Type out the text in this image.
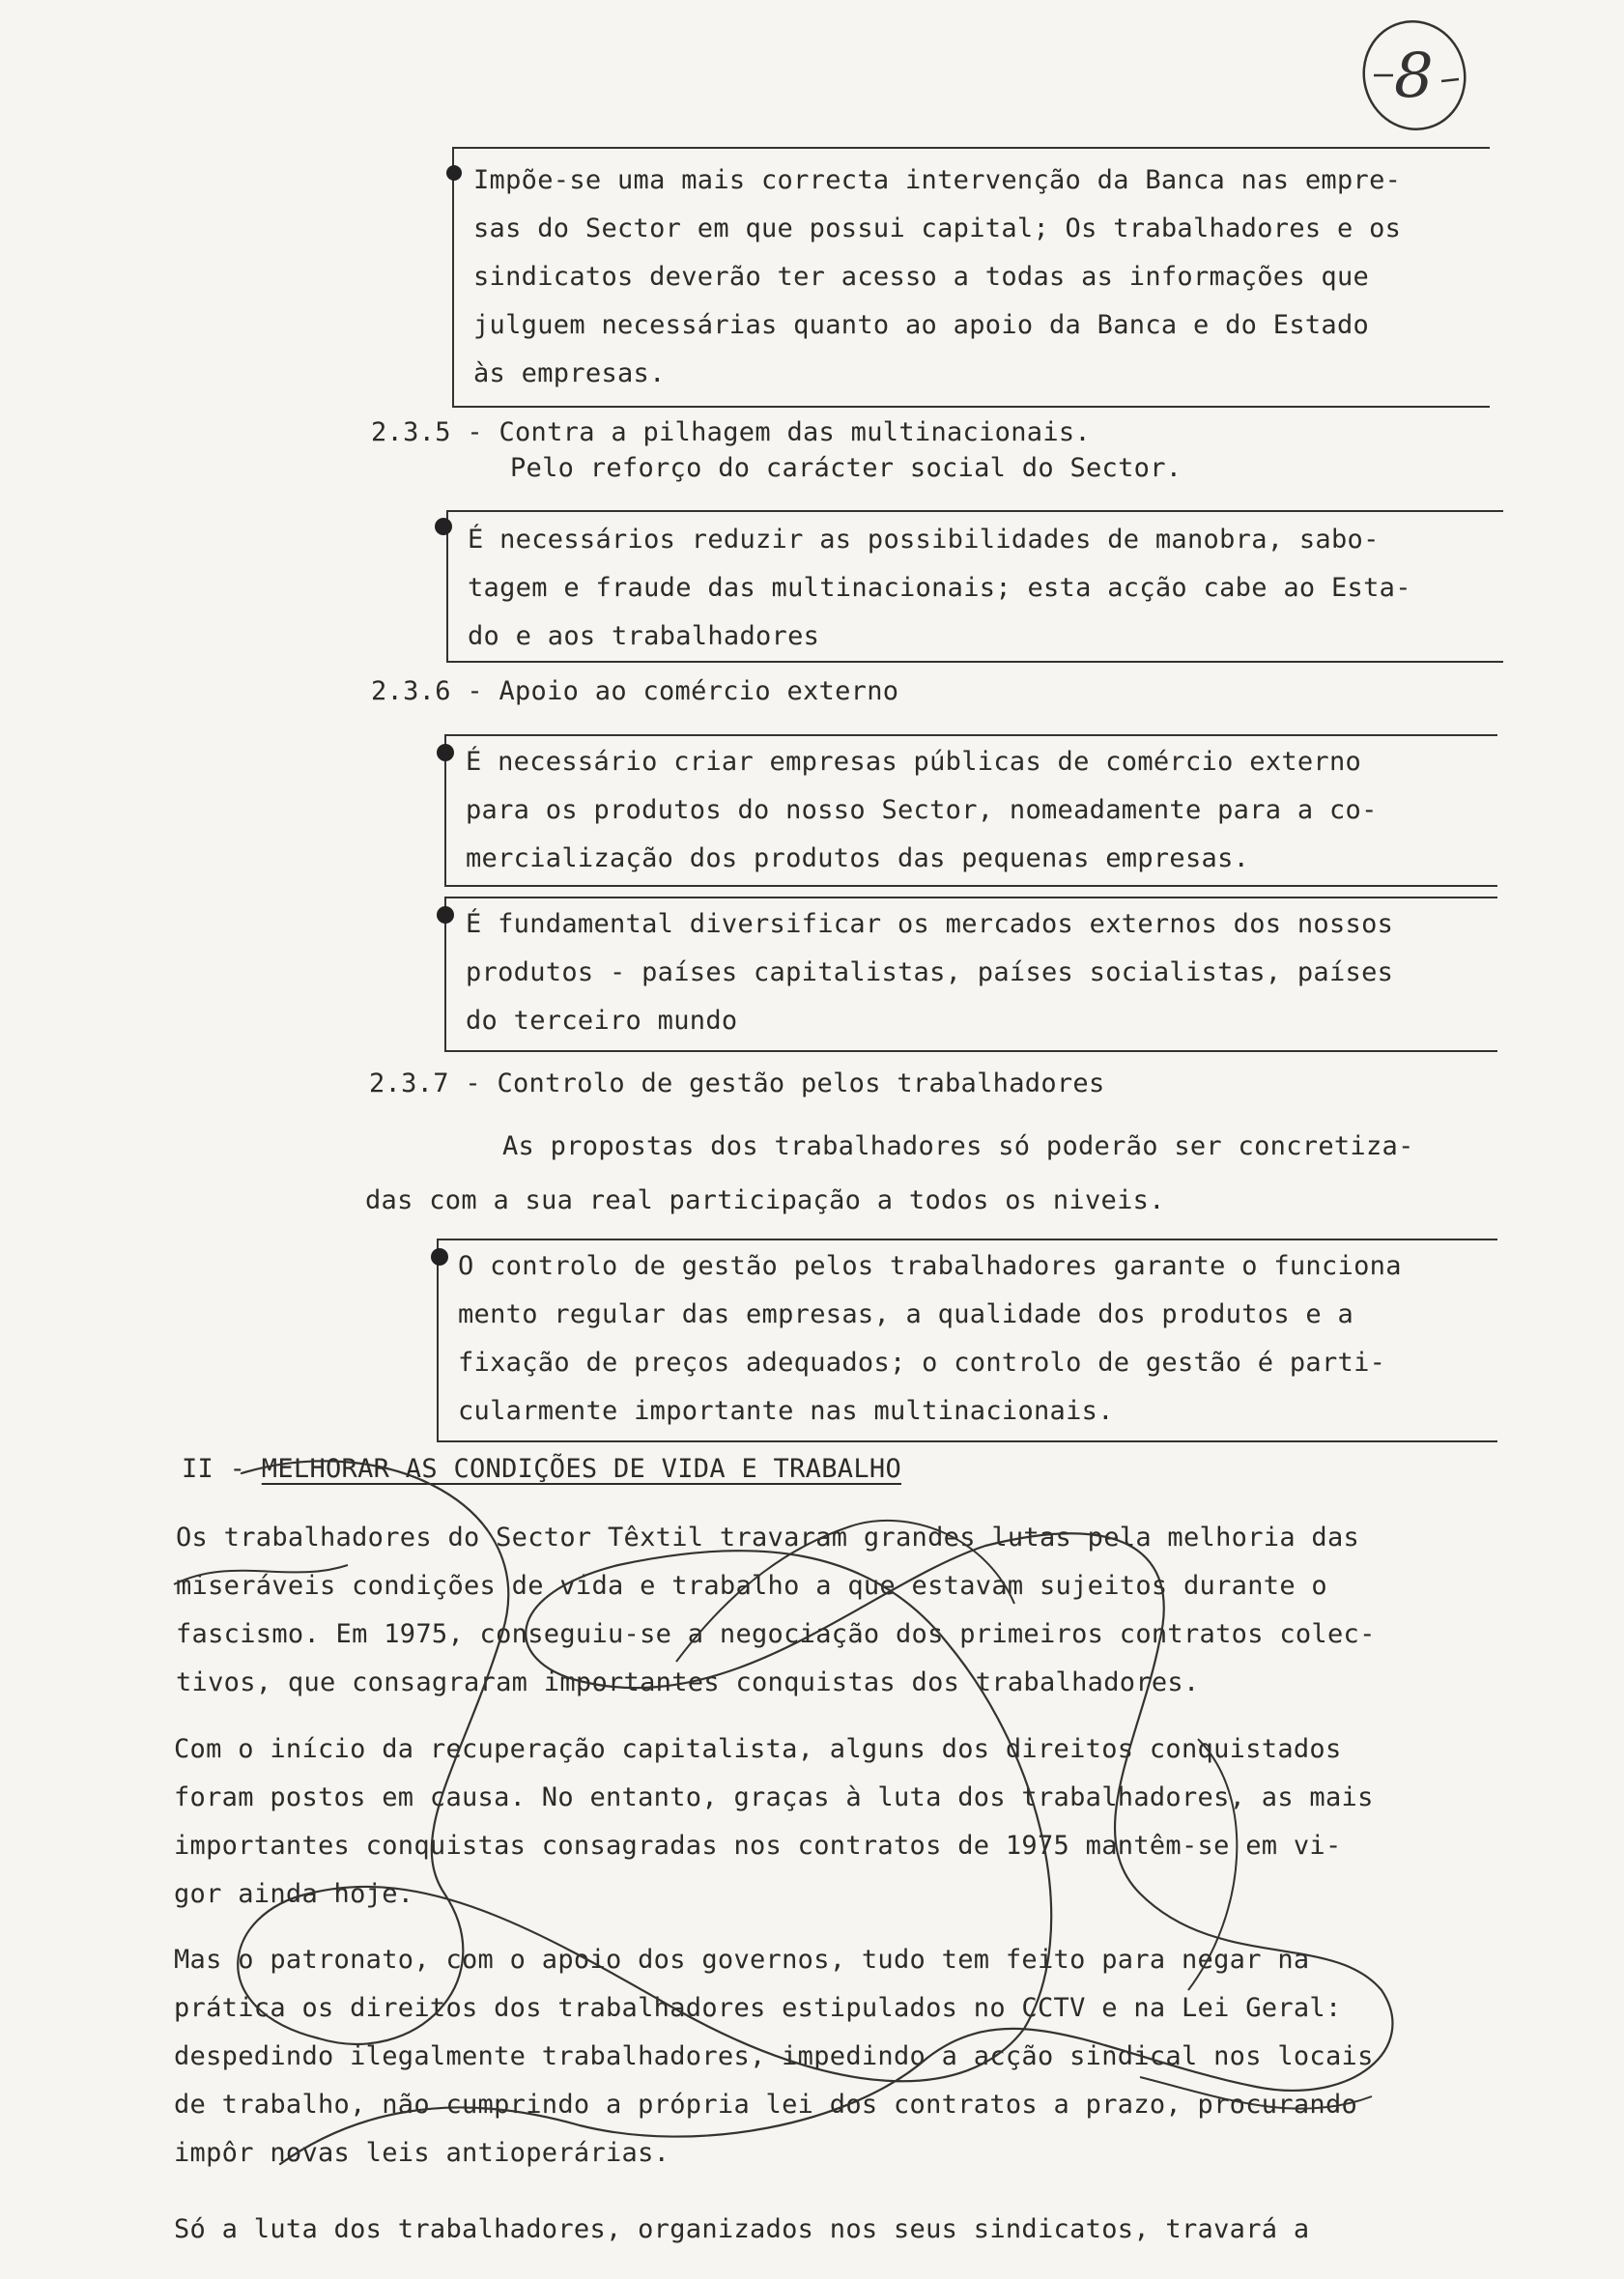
8
Impõe-se uma mais correcta intervenção da Banca nas empre-
sas do Sector em que possui capital; Os trabalhadores e os
sindicatos deverão ter acesso a todas as informações que
julguem necessárias quanto ao apoio da Banca e do Estado
às empresas.
2.3.5 - Contra a pilhagem das multinacionais.
Pelo reforço do carácter social do Sector.
É necessários reduzir as possibilidades de manobra, sabo-
tagem e fraude das multinacionais; esta acção cabe ao Esta-
do e aos trabalhadores
2.3.6 - Apoio ao comércio externo
É necessário criar empresas públicas de comércio externo
para os produtos do nosso Sector, nomeadamente para a co-
mercialização dos produtos das pequenas empresas.
É fundamental diversificar os mercados externos dos nossos
produtos - países capitalistas, países socialistas, países
do terceiro mundo
2.3.7 - Controlo de gestão pelos trabalhadores
As propostas dos trabalhadores só poderão ser concretiza-
das com a sua real participação a todos os niveis.
O controlo de gestão pelos trabalhadores garante o funciona
mento regular das empresas, a qualidade dos produtos e a
fixação de preços adequados; o controlo de gestão é parti-
cularmente importante nas multinacionais.
II - MELHORAR AS CONDIÇÕES DE VIDA E TRABALHO
Os trabalhadores do Sector Têxtil travaram grandes lutas pela melhoria das
miseráveis condições de vida e trabalho a que estavam sujeitos durante o
fascismo. Em 1975, conseguiu-se a negociação dos primeiros contratos colec-
tivos, que consagraram importantes conquistas dos trabalhadores.
Com o início da recuperação capitalista, alguns dos direitos conquistados
foram postos em causa. No entanto, graças à luta dos trabalhadores, as mais
importantes conquistas consagradas nos contratos de 1975 mantêm-se em vi-
gor ainda hoje.
Mas o patronato, com o apoio dos governos, tudo tem feito para negar na
prática os direitos dos trabalhadores estipulados no CCTV e na Lei Geral:
despedindo ilegalmente trabalhadores, impedindo a acção sindical nos locais
de trabalho, não cumprindo a própria lei dos contratos a prazo, procurando
impôr novas leis antioperárias.
Só a luta dos trabalhadores, organizados nos seus sindicatos, travará a
